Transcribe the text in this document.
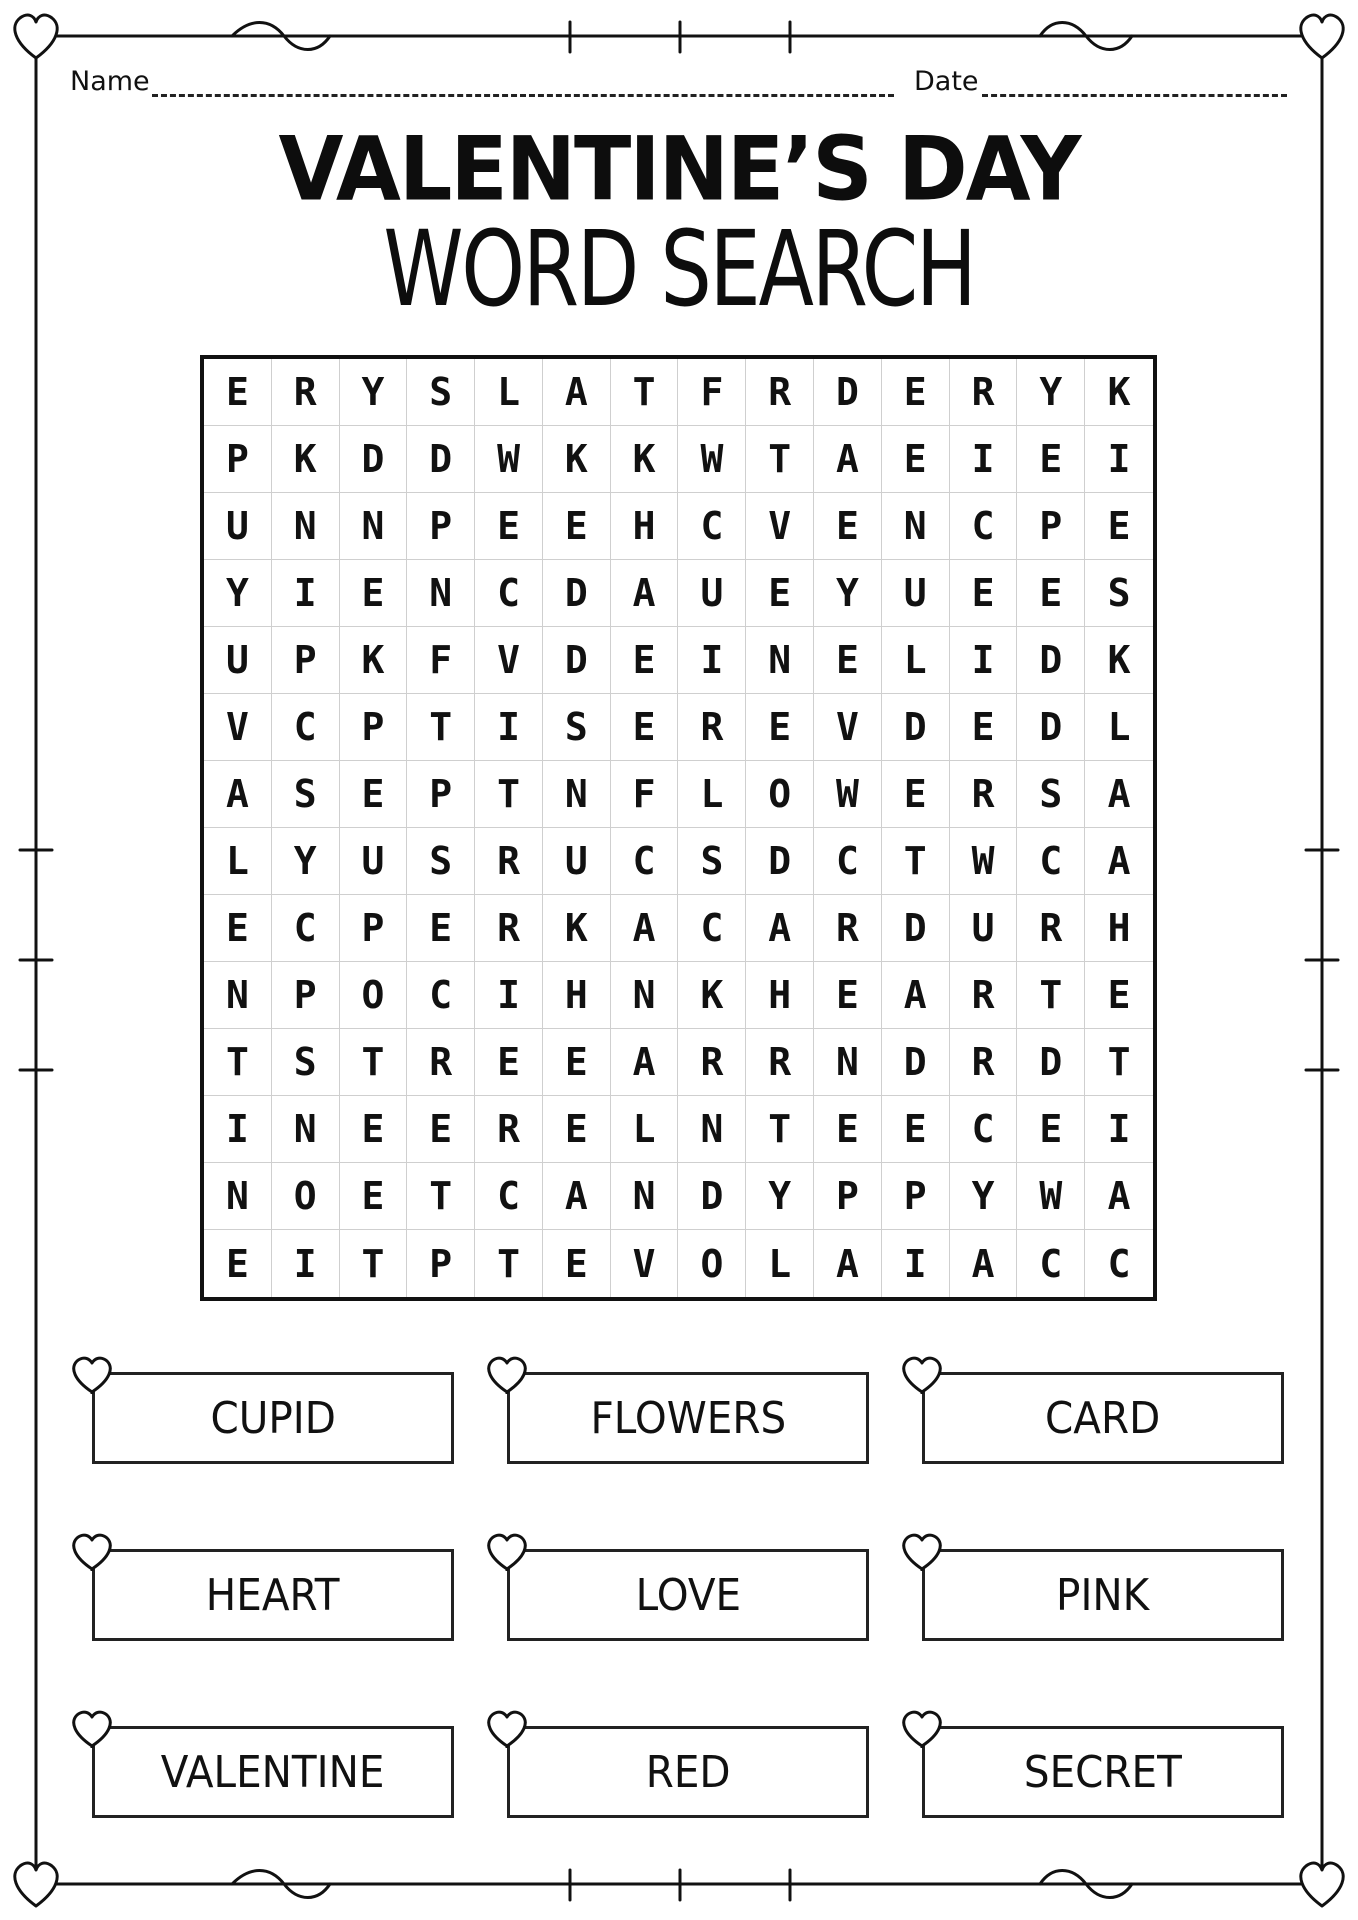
Name	Date
VALENTINE’S DAY
WORD SEARCH
E	R	Y	S	L	A	T	F	R	D	E	R	Y	K
P	K	D	D	W	K	K	W	T	A	E	I	E	I
U	N	N	P	E	E	H	C	V	E	N	C	P	E
Y	I	E	N	C	D	A	U	E	Y	U	E	E	S
U	P	K	F	V	D	E	I	N	E	L	I	D	K
V	C	P	T	I	S	E	R	E	V	D	E	D	L
A	S	E	P	T	N	F	L	O	W	E	R	S	A
L	Y	U	S	R	U	C	S	D	C	T	W	C	A
E	C	P	E	R	K	A	C	A	R	D	U	R	H
N	P	O	C	I	H	N	K	H	E	A	R	T	E
T	S	T	R	E	E	A	R	R	N	D	R	D	T
I	N	E	E	R	E	L	N	T	E	E	C	E	I
N	O	E	T	C	A	N	D	Y	P	P	Y	W	A
E	I	T	P	T	E	V	O	L	A	I	A	C	C
CUPID	FLOWERS	CARD
HEART	LOVE	PINK
VALENTINE	RED	SECRET
